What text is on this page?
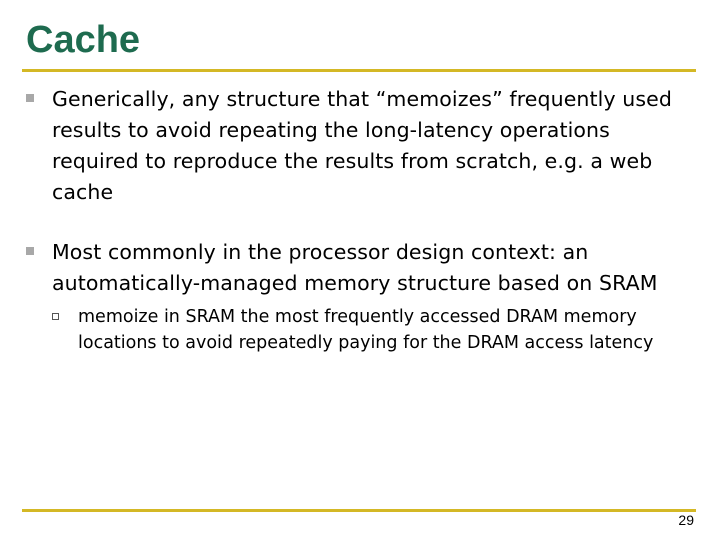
Cache
Generically, any structure that “memoizes” frequently used results to avoid repeating the long-latency operations required to reproduce the results from scratch, e.g. a web cache
Most commonly in the processor design context: an automatically-managed memory structure based on SRAM
memoize in SRAM the most frequently accessed DRAM memory locations to avoid repeatedly paying for the DRAM access latency
29
